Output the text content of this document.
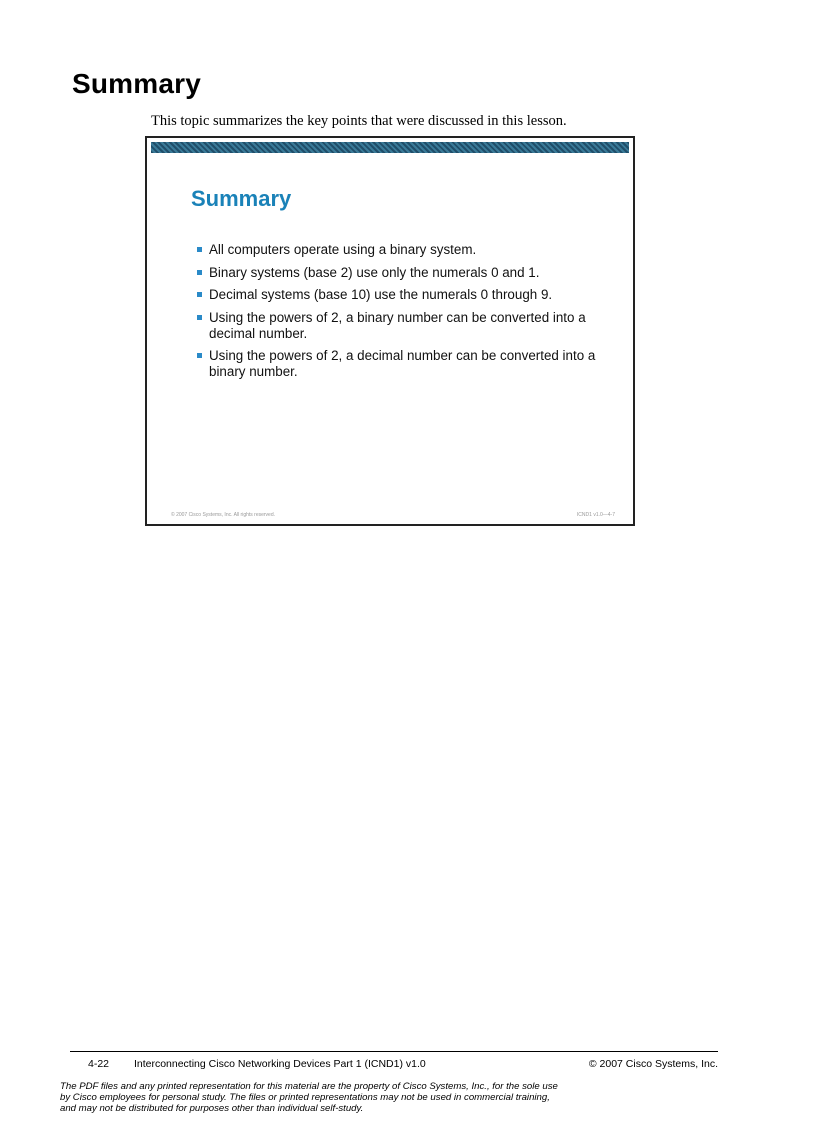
Summary
This topic summarizes the key points that were discussed in this lesson.
Summary
All computers operate using a binary system.
Binary systems (base 2) use only the numerals 0 and 1.
Decimal systems (base 10) use the numerals 0 through 9.
Using the powers of 2, a binary number can be converted into a decimal number.
Using the powers of 2, a decimal number can be converted into a binary number.
© 2007 Cisco Systems, Inc. All rights reserved.	ICND1 v1.0—4-7
4-22 Interconnecting Cisco Networking Devices Part 1 (ICND1) v1.0	© 2007 Cisco Systems, Inc.
The PDF files and any printed representation for this material are the property of Cisco Systems, Inc., for the sole use by Cisco employees for personal study. The files or printed representations may not be used in commercial training, and may not be distributed for purposes other than individual self-study.
